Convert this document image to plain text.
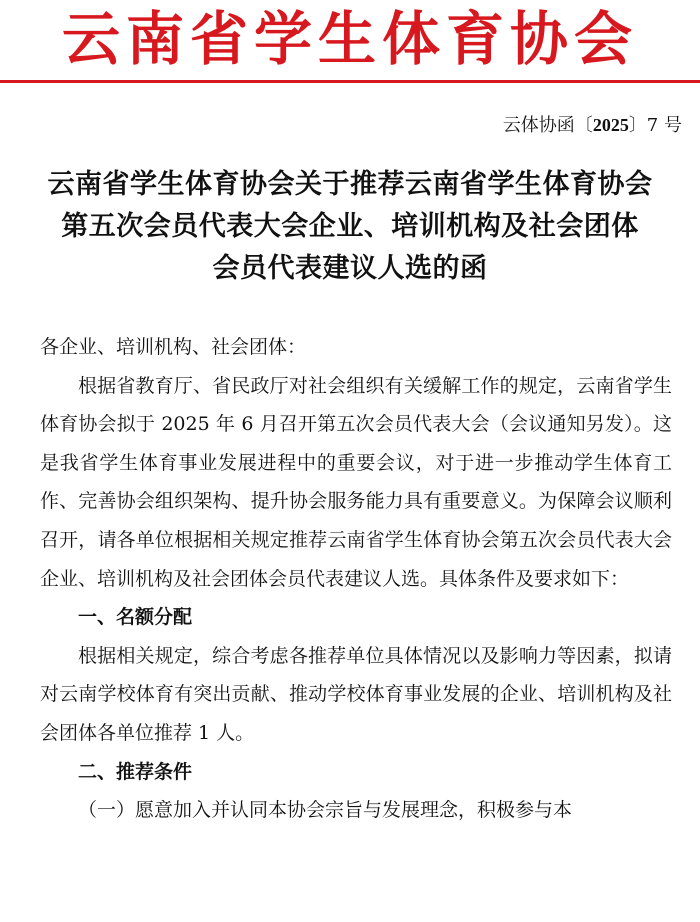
云南省学生体育协会
云体协函〔2025〕7 号
云南省学生体育协会关于推荐云南省学生体育协会
第五次会员代表大会企业、培训机构及社会团体
会员代表建议人选的函

各企业、培训机构、社会团体：

根据省教育厅、省民政厅对社会组织有关缓解工作的规定，云南省学生体育协会拟于 2025 年 6 月召开第五次会员代表大会（会议通知另发）。这是我省学生体育事业发展进程中的重要会议，对于进一步推动学生体育工作、完善协会组织架构、提升协会服务能力具有重要意义。为保障会议顺利召开，请各单位根据相关规定推荐云南省学生体育协会第五次会员代表大会企业、培训机构及社会团体会员代表建议人选。具体条件及要求如下：

一、名额分配

根据相关规定，综合考虑各推荐单位具体情况以及影响力等因素，拟请对云南学校体育有突出贡献、推动学校体育事业发展的企业、培训机构及社会团体各单位推荐 1 人。

二、推荐条件

（一）愿意加入并认同本协会宗旨与发展理念，积极参与本
